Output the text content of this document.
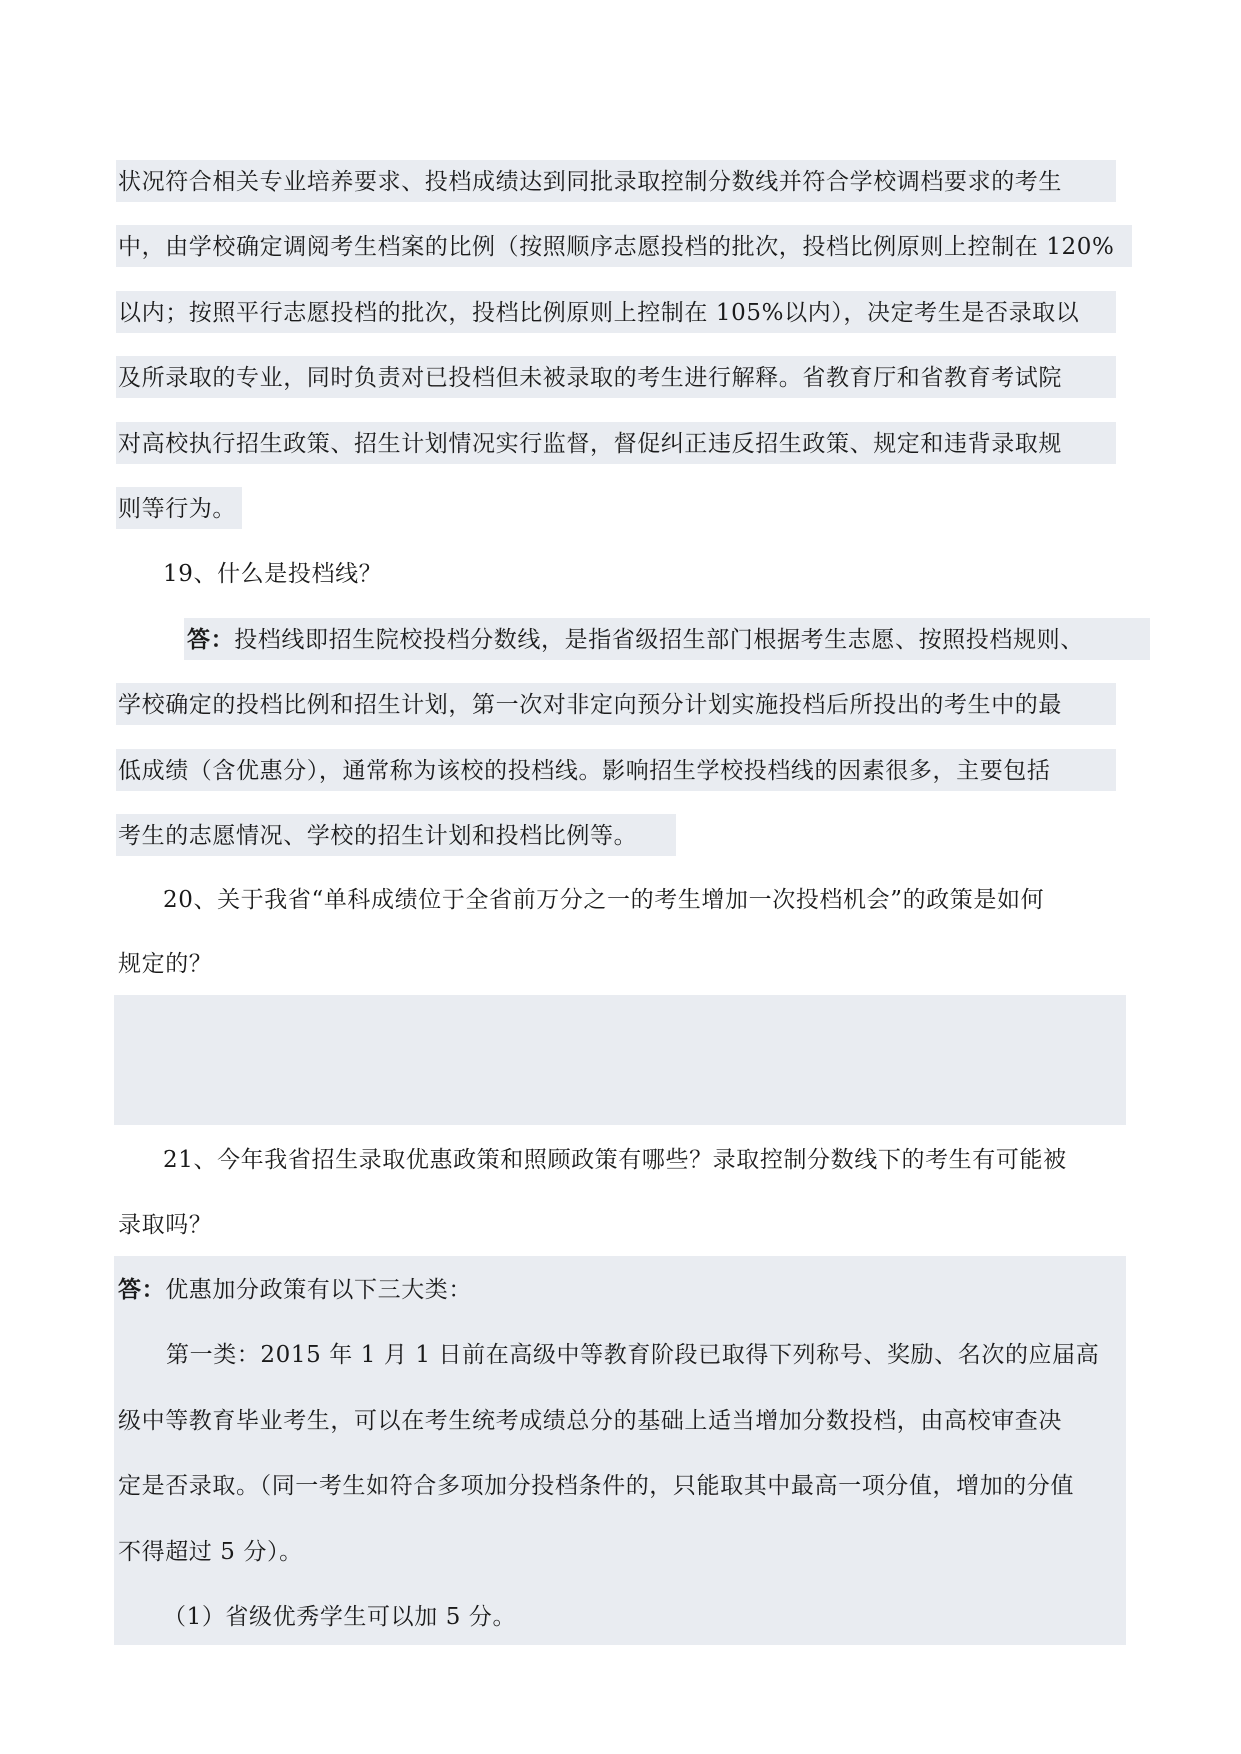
状况符合相关专业培养要求、投档成绩达到同批录取控制分数线并符合学校调档要求的考生

中，由学校确定调阅考生档案的比例（按照顺序志愿投档的批次，投档比例原则上控制在 120%

以内；按照平行志愿投档的批次，投档比例原则上控制在 105%以内），决定考生是否录取以

及所录取的专业，同时负责对已投档但未被录取的考生进行解释。省教育厅和省教育考试院

对高校执行招生政策、招生计划情况实行监督，督促纠正违反招生政策、规定和违背录取规

则等行为。

19、什么是投档线？

答：投档线即招生院校投档分数线，是指省级招生部门根据考生志愿、按照投档规则、

学校确定的投档比例和招生计划，第一次对非定向预分计划实施投档后所投出的考生中的最

低成绩（含优惠分），通常称为该校的投档线。影响招生学校投档线的因素很多，主要包括

考生的志愿情况、学校的招生计划和投档比例等。

20、关于我省“单科成绩位于全省前万分之一的考生增加一次投档机会”的政策是如何

规定的？

21、今年我省招生录取优惠政策和照顾政策有哪些？录取控制分数线下的考生有可能被

录取吗？

答：优惠加分政策有以下三大类：

第一类：2015 年 1 月 1 日前在高级中等教育阶段已取得下列称号、奖励、名次的应届高

级中等教育毕业考生，可以在考生统考成绩总分的基础上适当增加分数投档，由高校审查决

定是否录取。（同一考生如符合多项加分投档条件的，只能取其中最高一项分值，增加的分值

不得超过 5 分）。

（1）省级优秀学生可以加 5 分。
